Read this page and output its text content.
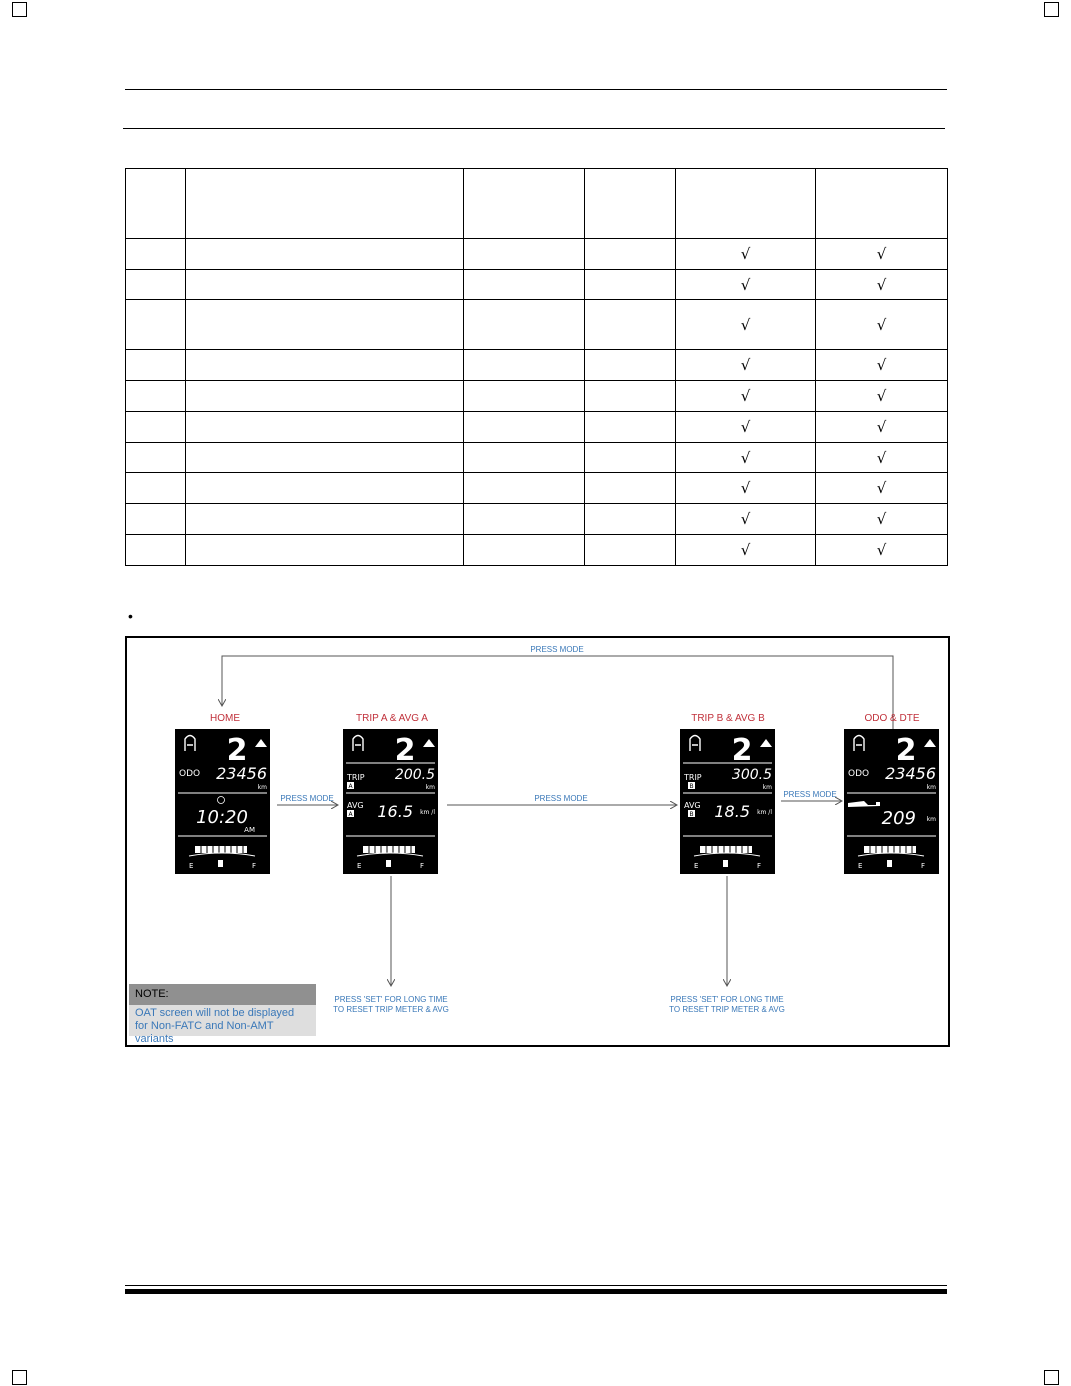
				√	√
				√	√
				√	√
				√	√
				√	√
				√	√
				√	√
				√	√
				√	√
				√	√
•
PRESS MODE
HOME	TRIP A & AVG A	TRIP B & AVG B	ODO & DTE
PRESS MODE	PRESS MODE	PRESS MODE
PRESS 'SET' FOR LONG TIME
TO RESET TRIP METER & AVG
PRESS 'SET' FOR LONG TIME
TO RESET TRIP METER & AVG
2
ODO 23456
km
10:20
AM
E	F
2
TRIP
A
200.5
km
AVG
A 16.5 km /l
E	F
2
TRIP
B
300.5
km
AVG
B 18.5 km /l
E	F
2
ODO 23456
km
209 km
E	F
NOTE:
OAT screen will not be displayed
for Non-FATC and Non-AMT variants
